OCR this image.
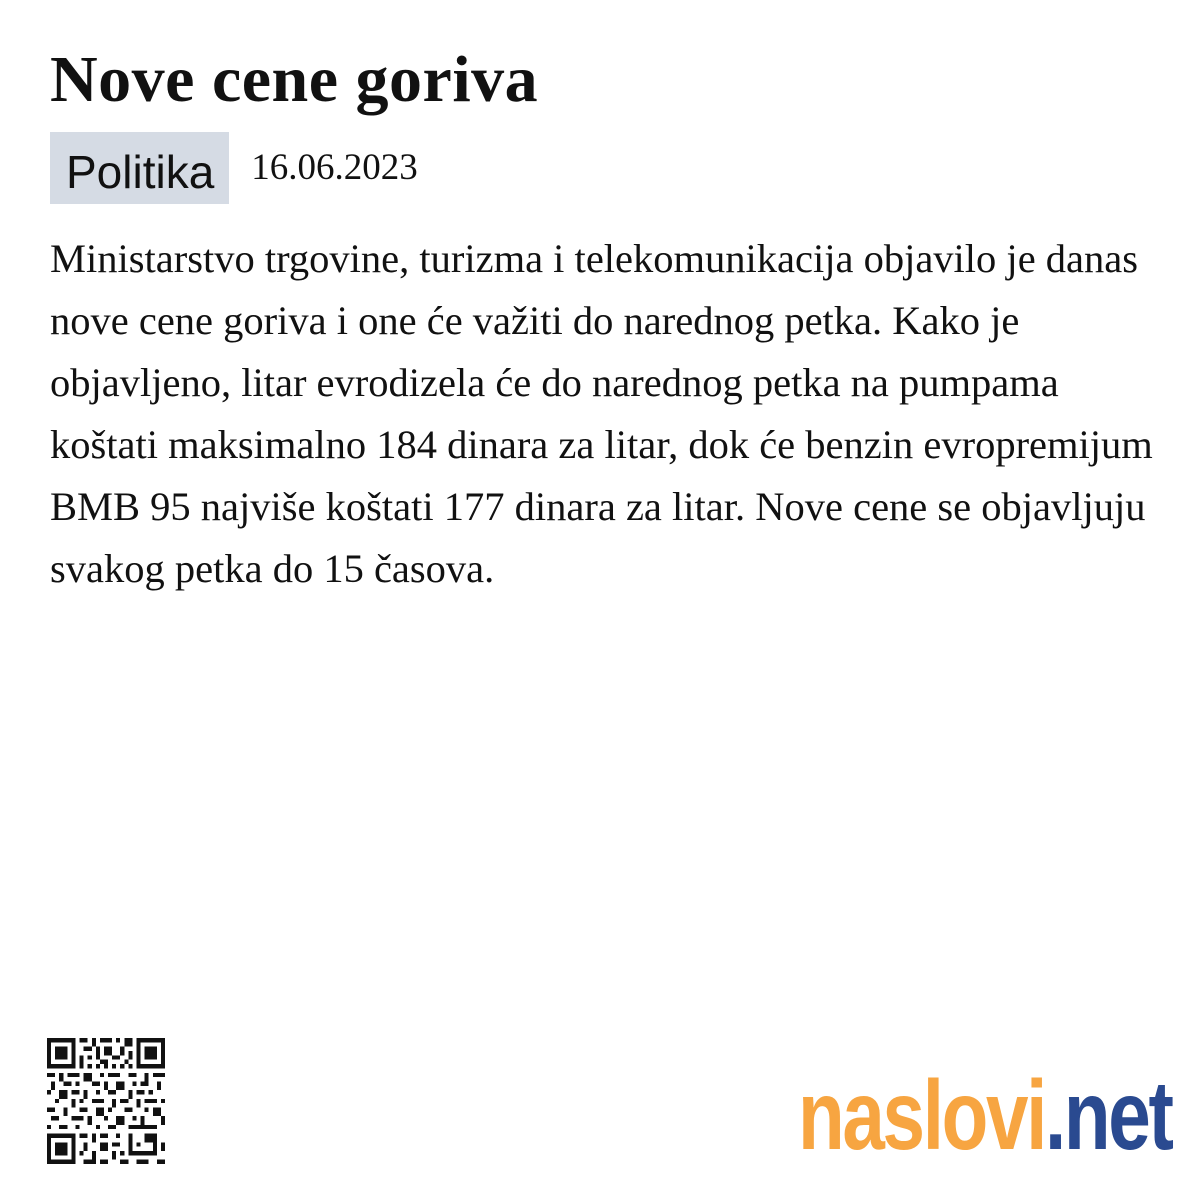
Nove cene goriva
Politika	16.06.2023

Ministarstvo trgovine, turizma i telekomunikacija objavilo je danas nove cene goriva i one će važiti do narednog petka. Kako je objavljeno, litar evrodizela će do narednog petka na pumpama koštati maksimalno 184 dinara za litar, dok će benzin evropremijum BMB 95 najviše koštati 177 dinara za litar. Nove cene se objavljuju svakog petka do 15 časova.

naslovi.net
